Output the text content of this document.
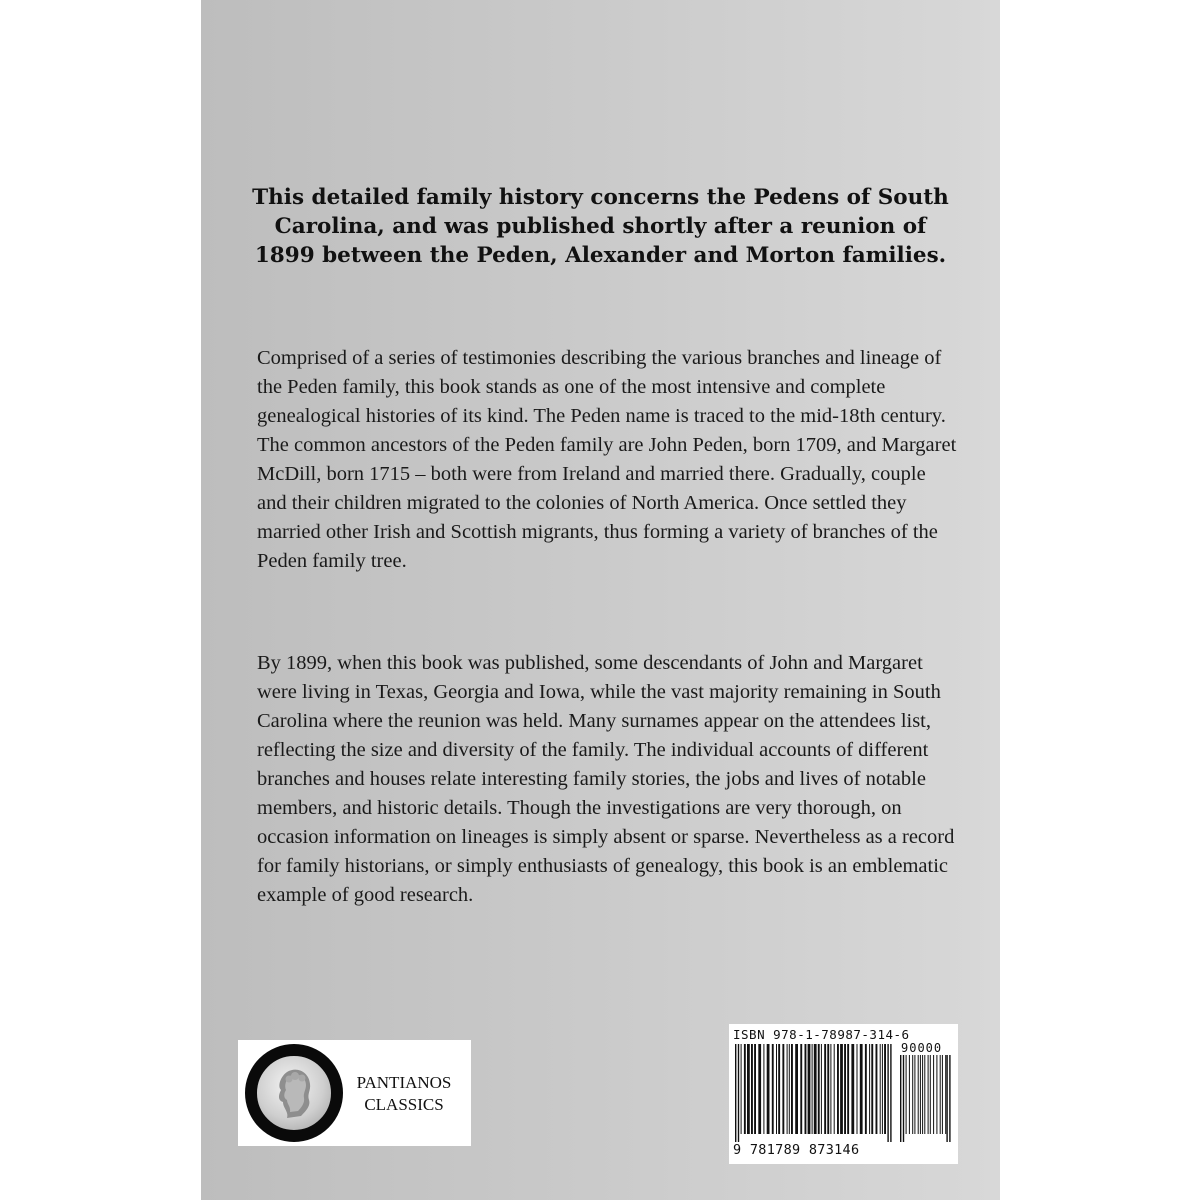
This detailed family history concerns the Pedens of South Carolina, and was published shortly after a reunion of 1899 between the Peden, Alexander and Morton families.

Comprised of a series of testimonies describing the various branches and lineage of the Peden family, this book stands as one of the most intensive and complete genealogical histories of its kind. The Peden name is traced to the mid-18th century. The common ancestors of the Peden family are John Peden, born 1709, and Margaret McDill, born 1715 – both were from Ireland and married there. Gradually, couple and their children migrated to the colonies of North America. Once settled they married other Irish and Scottish migrants, thus forming a variety of branches of the Peden family tree.

By 1899, when this book was published, some descendants of John and Margaret were living in Texas, Georgia and Iowa, while the vast majority remaining in South Carolina where the reunion was held. Many surnames appear on the attendees list, reflecting the size and diversity of the family. The individual accounts of different branches and houses relate interesting family stories, the jobs and lives of notable members, and historic details. Though the investigations are very thorough, on occasion information on lineages is simply absent or sparse. Nevertheless as a record for family historians, or simply enthusiasts of genealogy, this book is an emblematic example of good research.

PANTIANOS
CLASSICS
ISBN 978-1-78987-314-6
90000
9 781789 873146
